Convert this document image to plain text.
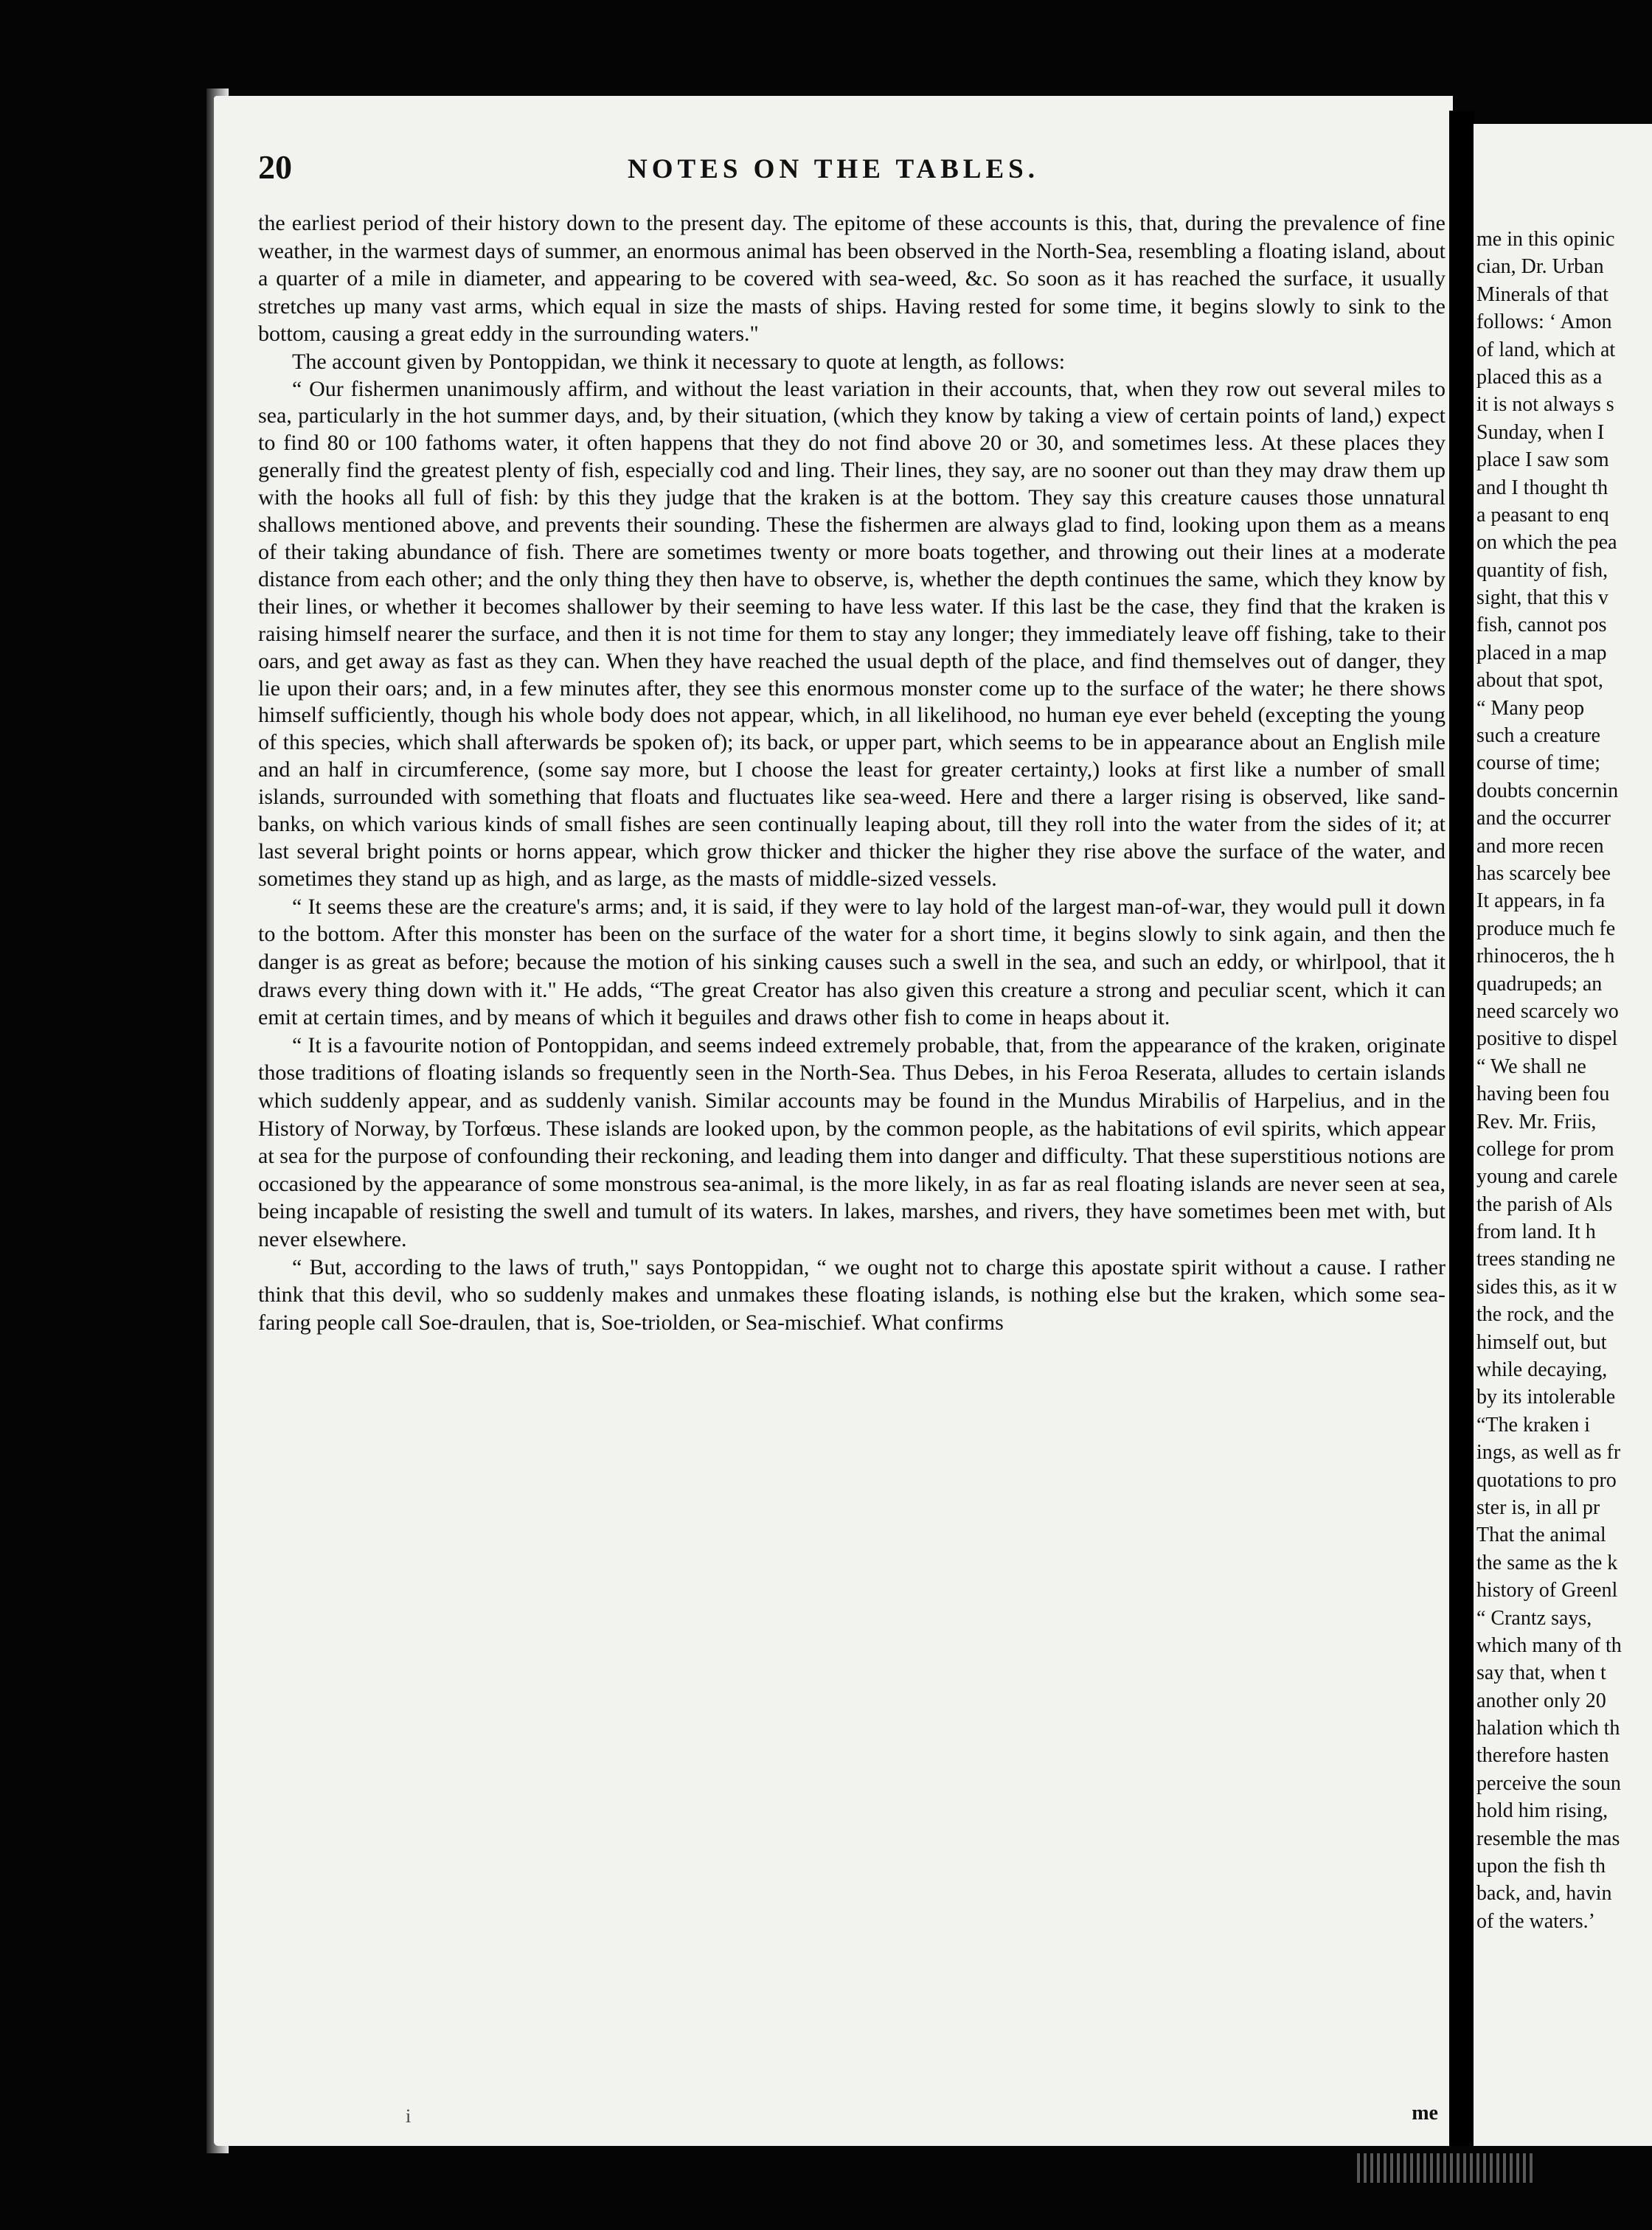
20	NOTES ON THE TABLES.

the earliest period of their history down to the present day. The epitome of these accounts is this, that, during the prevalence of fine weather, in the warmest days of summer, an enormous animal has been observed in the North-Sea, resembling a floating island, about a quarter of a mile in diameter, and appearing to be covered with sea-weed, &c. So soon as it has reached the surface, it usually stretches up many vast arms, which equal in size the masts of ships. Having rested for some time, it begins slowly to sink to the bottom, causing a great eddy in the surrounding waters."

The account given by Pontoppidan, we think it necessary to quote at length, as follows:

“ Our fishermen unanimously affirm, and without the least variation in their accounts, that, when they row out several miles to sea, particularly in the hot summer days, and, by their situation, (which they know by taking a view of certain points of land,) expect to find 80 or 100 fathoms water, it often happens that they do not find above 20 or 30, and sometimes less. At these places they generally find the greatest plenty of fish, especially cod and ling. Their lines, they say, are no sooner out than they may draw them up with the hooks all full of fish: by this they judge that the kraken is at the bottom. They say this creature causes those unnatural shallows mentioned above, and prevents their sounding. These the fishermen are always glad to find, looking upon them as a means of their taking abundance of fish. There are sometimes twenty or more boats together, and throwing out their lines at a moderate distance from each other; and the only thing they then have to observe, is, whether the depth continues the same, which they know by their lines, or whether it becomes shallower by their seeming to have less water. If this last be the case, they find that the kraken is raising himself nearer the surface, and then it is not time for them to stay any longer; they immediately leave off fishing, take to their oars, and get away as fast as they can. When they have reached the usual depth of the place, and find themselves out of danger, they lie upon their oars; and, in a few minutes after, they see this enormous monster come up to the surface of the water; he there shows himself sufficiently, though his whole body does not appear, which, in all likelihood, no human eye ever beheld (excepting the young of this species, which shall afterwards be spoken of); its back, or upper part, which seems to be in appearance about an English mile and an half in circumference, (some say more, but I choose the least for greater certainty,) looks at first like a number of small islands, surrounded with something that floats and fluctuates like sea-weed. Here and there a larger rising is observed, like sand-banks, on which various kinds of small fishes are seen continually leaping about, till they roll into the water from the sides of it; at last several bright points or horns appear, which grow thicker and thicker the higher they rise above the surface of the water, and sometimes they stand up as high, and as large, as the masts of middle-sized vessels.

“ It seems these are the creature's arms; and, it is said, if they were to lay hold of the largest man-of-war, they would pull it down to the bottom. After this monster has been on the surface of the water for a short time, it begins slowly to sink again, and then the danger is as great as before; because the motion of his sinking causes such a swell in the sea, and such an eddy, or whirlpool, that it draws every thing down with it." He adds, “The great Creator has also given this creature a strong and peculiar scent, which it can emit at certain times, and by means of which it beguiles and draws other fish to come in heaps about it.

“ It is a favourite notion of Pontoppidan, and seems indeed extremely probable, that, from the appearance of the kraken, originate those traditions of floating islands so frequently seen in the North-Sea. Thus Debes, in his Feroa Reserata, alludes to certain islands which suddenly appear, and as suddenly vanish. Similar accounts may be found in the Mundus Mirabilis of Harpelius, and in the History of Norway, by Torfœus. These islands are looked upon, by the common people, as the habitations of evil spirits, which appear at sea for the purpose of confounding their reckoning, and leading them into danger and difficulty. That these superstitious notions are occasioned by the appearance of some monstrous sea-animal, is the more likely, in as far as real floating islands are never seen at sea, being incapable of resisting the swell and tumult of its waters. In lakes, marshes, and rivers, they have sometimes been met with, but never elsewhere.

“ But, according to the laws of truth," says Pontoppidan, “ we ought not to charge this apostate spirit without a cause. I rather think that this devil, who so suddenly makes and unmakes these floating islands, is nothing else but the kraken, which some sea-faring people call Soe-draulen, that is, Soe-triolden, or Sea-mischief. What confirms

i	me
me in this opinic
cian, Dr. Urban
Minerals of that
follows: ‘ Amon
of land, which at
placed this as a
it is not always s
Sunday, when I
place I saw som
and I thought th
a peasant to enq
on which the pea
quantity of fish,
sight, that this v
fish, cannot pos
placed in a map
about that spot,
“ Many peop
such a creature
course of time;
doubts concernin
and the occurrer
and more recen
has scarcely bee
It appears, in fa
produce much fe
rhinoceros, the h
quadrupeds; an
need scarcely wo
positive to dispel
“ We shall ne
having been fou
Rev. Mr. Friis,
college for prom
young and carele
the parish of Als
from land. It h
trees standing ne
sides this, as it w
the rock, and the
himself out, but
while decaying,
by its intolerable
“The kraken i
ings, as well as fr
quotations to pro
ster is, in all pr
That the animal
the same as the k
history of Greenl
“ Crantz says,
which many of th
say that, when t
another only 20
halation which th
therefore hasten
perceive the soun
hold him rising,
resemble the mas
upon the fish th
back, and, havin
of the waters.’
